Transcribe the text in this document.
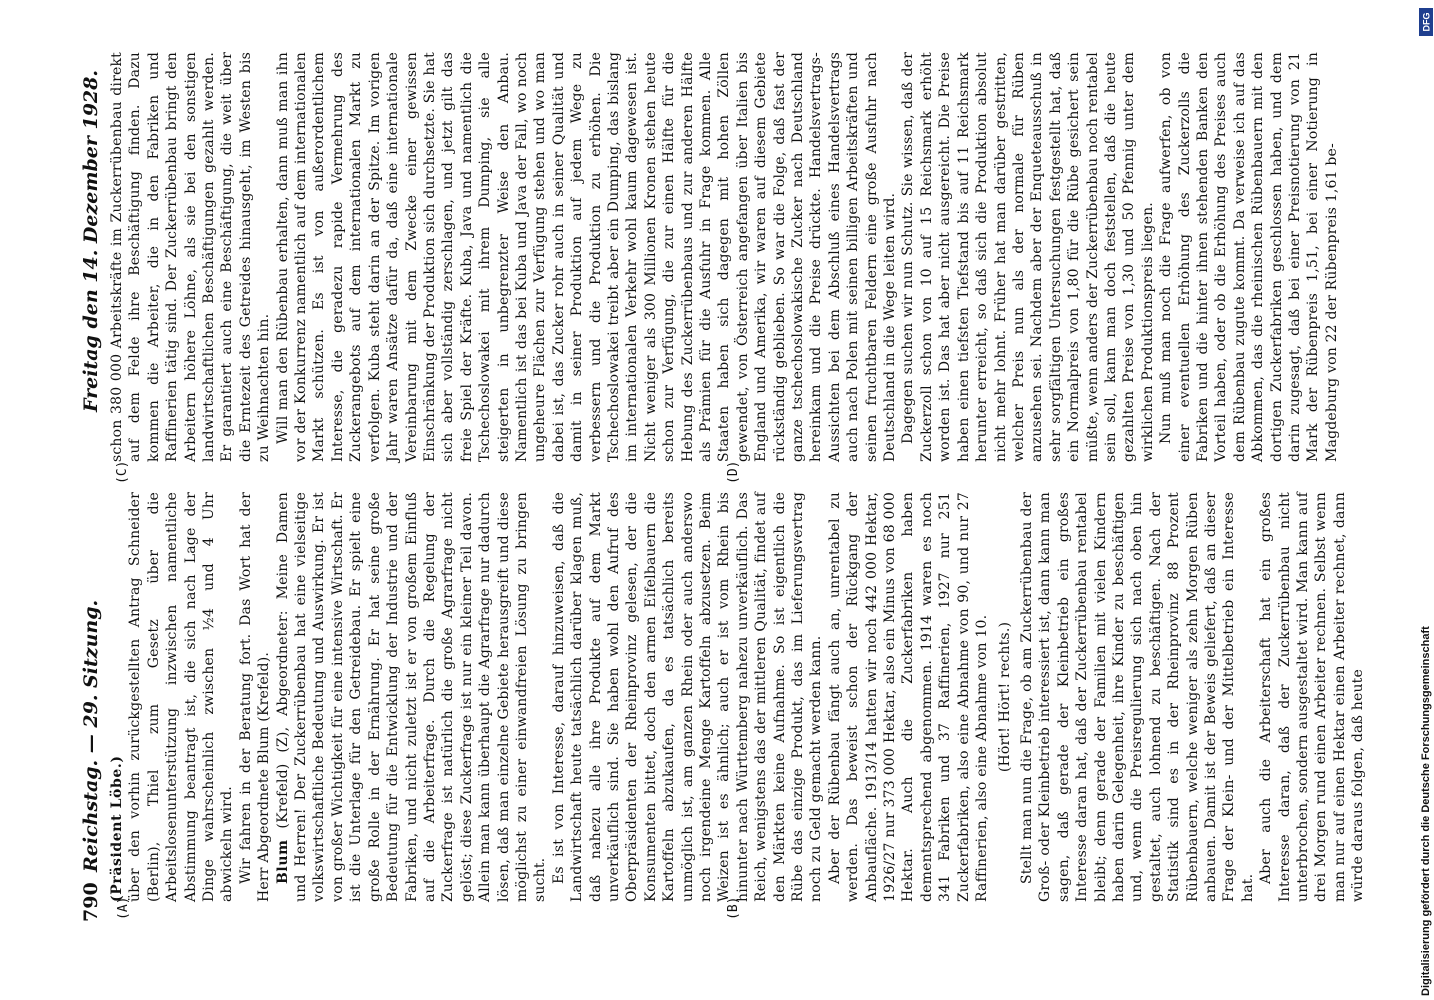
790
Reichstag. — 29. Sitzung.
Freitag den 14. Dezember 1928.
(A)	(B)
(C)	(D)

(Präsident Löbe.) über den vorhin zurückgestellten Antrag Schneider (Berlin), Thiel zum Gesetz über die Arbeitslosenunterstützung inzwischen namentliche Abstimmung beantragt ist, die sich nach Lage der Dinge wahrscheinlich zwischen ½4 und 4 Uhr abwickeln wird. Wir fahren in der Beratung fort. Das Wort hat der Herr Abgeordnete Blum (Krefeld). Blum (Krefeld) (Z), Abgeordneter: Meine Damen und Herren! Der Zuckerrübenbau hat eine vielseitige volkswirtschaftliche Bedeutung und Auswirkung. Er ist von großer Wichtigkeit für eine intensive Wirtschaft. Er ist die Unterlage für den Getreidebau. Er spielt eine große Rolle in der Ernährung. Er hat seine große Bedeutung für die Entwicklung der Industrie und der Fabriken, und nicht zuletzt ist er von großem Einfluß auf die Arbeiterfrage. Durch die Regelung der Zuckerfrage ist natürlich die große Agrarfrage nicht gelöst; diese Zuckerfrage ist nur ein kleiner Teil davon. Allein man kann überhaupt die Agrarfrage nur dadurch lösen, daß man einzelne Gebiete herausgreift und diese möglichst zu einer einwandfreien Lösung zu bringen sucht. Es ist von Interesse, darauf hinzuweisen, daß die Landwirtschaft heute tatsächlich darüber klagen muß, daß nahezu alle ihre Produkte auf dem Markt unverkäuflich sind. Sie haben wohl den Aufruf des Oberpräsidenten der Rheinprovinz gelesen, der die Konsumenten bittet, doch den armen Eifelbauern die Kartoffeln abzukaufen, da es tatsächlich bereits unmöglich ist, am ganzen Rhein oder auch anderswo noch irgendeine Menge Kartoffeln abzusetzen. Beim Weizen ist es ähnlich; auch er ist vom Rhein bis hinunter nach Württemberg nahezu unverkäuflich. Das Reich, wenigstens das der mittleren Qualität, findet auf den Märkten keine Aufnahme. So ist eigentlich die Rübe das einzige Produkt, das im Lieferungsvertrag noch zu Geld gemacht werden kann. Aber der Rübenbau fängt auch an, unrentabel zu werden. Das beweist schon der Rückgang der Anbaufläche. 1913/14 hatten wir noch 442 000 Hektar, 1926/27 nur 373 000 Hektar, also ein Minus von 68 000 Hektar. Auch die Zuckerfabriken haben dementsprechend abgenommen. 1914 waren es noch 341 Fabriken und 37 Raffinerien, 1927 nur 251 Zuckerfabriken, also eine Abnahme von 90, und nur 27 Raffinerien, also eine Abnahme von 10. (Hört! Hört! rechts.) Stellt man nun die Frage, ob am Zuckerrübenbau der Groß- oder Kleinbetrieb interessiert ist, dann kann man sagen, daß gerade der Kleinbetrieb ein großes Interesse daran hat, daß der Zuckerrübenbau rentabel bleibt; denn gerade der Familien mit vielen Kindern haben darin Gelegenheit, ihre Kinder zu beschäftigen und, wenn die Preisregulierung sich nach oben hin gestaltet, auch lohnend zu beschäftigen. Nach der Statistik sind es in der Rheinprovinz 88 Prozent Rübenbauern, welche weniger als zehn Morgen Rüben anbauen. Damit ist der Beweis geliefert, daß an dieser Frage der Klein- und der Mittelbetrieb ein Interesse hat.

Aber auch die Arbeiterschaft hat ein großes Interesse daran, daß der Zuckerrübenbau nicht unterbrochen, sondern ausgestaltet wird. Man kann auf drei Morgen rund einen Arbeiter rechnen. Selbst wenn man nur auf einen Hektar einen Arbeiter rechnet, dann würde daraus folgen, daß heute

schon 380 000 Arbeitskräfte im Zuckerrübenbau direkt auf dem Felde ihre Beschäftigung finden. Dazu kommen die Arbeiter, die in den Fabriken und Raffinerien tätig sind. Der Zuckerrübenbau bringt den Arbeitern höhere Löhne, als sie bei den sonstigen landwirtschaftlichen Beschäftigungen gezahlt werden. Er garantiert auch eine Beschäftigung, die weit über die Erntezeit des Getreides hinausgeht, im Westen bis zu Weihnachten hin. Will man den Rübenbau erhalten, dann muß man ihn vor der Konkurrenz namentlich auf dem internationalen Markt schützen. Es ist von außerordentlichem Interesse, die geradezu rapide Vermehrung des Zuckerangebots auf dem internationalen Markt zu verfolgen. Kuba steht darin an der Spitze. Im vorigen Jahr waren Ansätze dafür da, daß eine internationale Vereinbarung mit dem Zwecke einer gewissen Einschränkung der Produktion sich durchsetzte. Sie hat sich aber vollständig zerschlagen, und jetzt gilt das freie Spiel der Kräfte. Kuba, Java und namentlich die Tschechoslowakei mit ihrem Dumping, sie alle steigerten in unbegrenzter Weise den Anbau. Namentlich ist das bei Kuba und Java der Fall, wo noch ungeheure Flächen zur Verfügung stehen und wo man dabei ist, das Zucker rohr auch in seiner Qualität und damit in seiner Produktion auf jedem Wege zu verbessern und die Produktion zu erhöhen. Die Tschechoslowakei treibt aber ein Dumping, das bislang im internationalen Verkehr wohl kaum dagewesen ist. Nicht weniger als 300 Millionen Kronen stehen heute schon zur Verfügung, die zur einen Hälfte für die Hebung des Zuckerrübenbaus und zur anderen Hälfte als Prämien für die Ausfuhr in Frage kommen. Alle Staaten haben sich dagegen mit hohen Zöllen gewendet, von Österreich angefangen über Italien bis England und Amerika, wir waren auf diesem Gebiete rückständig geblieben. So war die Folge, daß fast der ganze tschechoslowakische Zucker nach Deutschland hereinkam und die Preise drückte. Handelsvertrags-Aussichten bei dem Abschluß eines Handelsvertrags auch nach Polen mit seinen billigen Arbeitskräften und seinen fruchtbaren Feldern eine große Ausfuhr nach Deutschland in die Wege leiten wird. Dagegen suchen wir nun Schutz. Sie wissen, daß der Zuckerzoll schon von 10 auf 15 Reichsmark erhöht worden ist. Das hat aber nicht ausgereicht. Die Preise haben einen tiefsten Tiefstand bis auf 11 Reichsmark herunter erreicht, so daß sich die Produktion absolut nicht mehr lohnt. Früher hat man darüber gestritten, welcher Preis nun als der normale für Rüben anzusehen sei. Nachdem aber der Enqueteausschuß in sehr sorgfältigen Untersuchungen festgestellt hat, daß ein Normalpreis von 1,80 für die Rübe gesichert sein müßte, wenn anders der Zuckerrübenbau noch rentabel sein soll, kann man doch feststellen, daß die heute gezahlten Preise von 1,30 und 50 Pfennig unter dem wirklichen Produktionspreis liegen. Nun muß man noch die Frage aufwerfen, ob von einer eventuellen Erhöhung des Zuckerzolls die Fabriken und die hinter ihnen stehenden Banken den Vorteil haben, oder ob die Erhöhung des Preises auch dem Rübenbau zugute kommt. Da verweise ich auf das Abkommen, das die rheinischen Rübenbauern mit den dortigen Zuckerfabriken geschlossen haben, und dem darin zugesagt, daß bei einer Preisnotierung von 21 Mark der Rübenpreis 1,51, bei einer Notierung in Magdeburg von 22 der Rübenpreis 1,61 be-

DFG
Digitalisierung gefördert durch die Deutsche Forschungsgemeinschaft
